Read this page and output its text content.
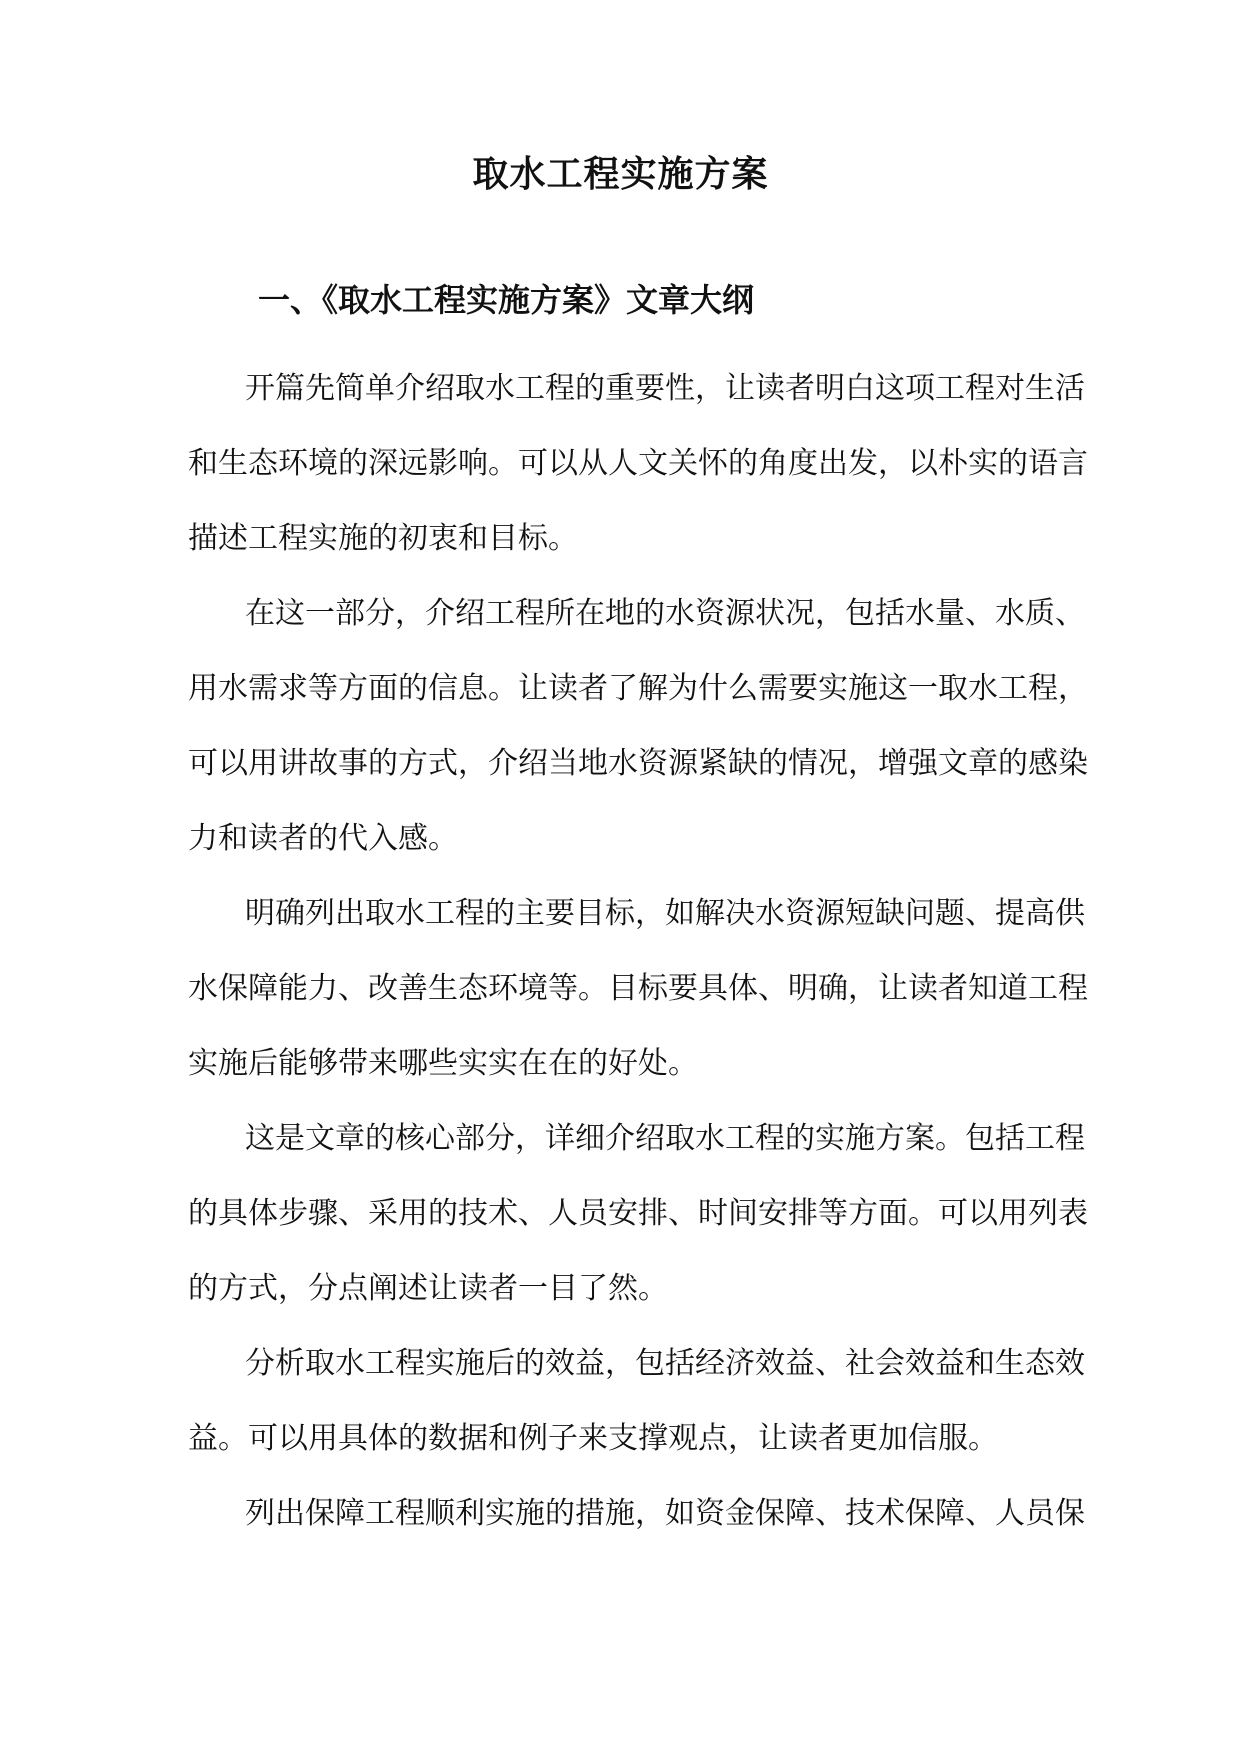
取水工程实施方案
一、《取水工程实施方案》文章大纲
开篇先简单介绍取水工程的重要性，让读者明白这项工程对生活
和生态环境的深远影响。可以从人文关怀的角度出发，以朴实的语言
描述工程实施的初衷和目标。
在这一部分，介绍工程所在地的水资源状况，包括水量、水质、
用水需求等方面的信息。让读者了解为什么需要实施这一取水工程，
可以用讲故事的方式，介绍当地水资源紧缺的情况，增强文章的感染
力和读者的代入感。
明确列出取水工程的主要目标，如解决水资源短缺问题、提高供
水保障能力、改善生态环境等。目标要具体、明确，让读者知道工程
实施后能够带来哪些实实在在的好处。
这是文章的核心部分，详细介绍取水工程的实施方案。包括工程
的具体步骤、采用的技术、人员安排、时间安排等方面。可以用列表
的方式，分点阐述让读者一目了然。
分析取水工程实施后的效益，包括经济效益、社会效益和生态效
益。可以用具体的数据和例子来支撑观点，让读者更加信服。
列出保障工程顺利实施的措施，如资金保障、技术保障、人员保
